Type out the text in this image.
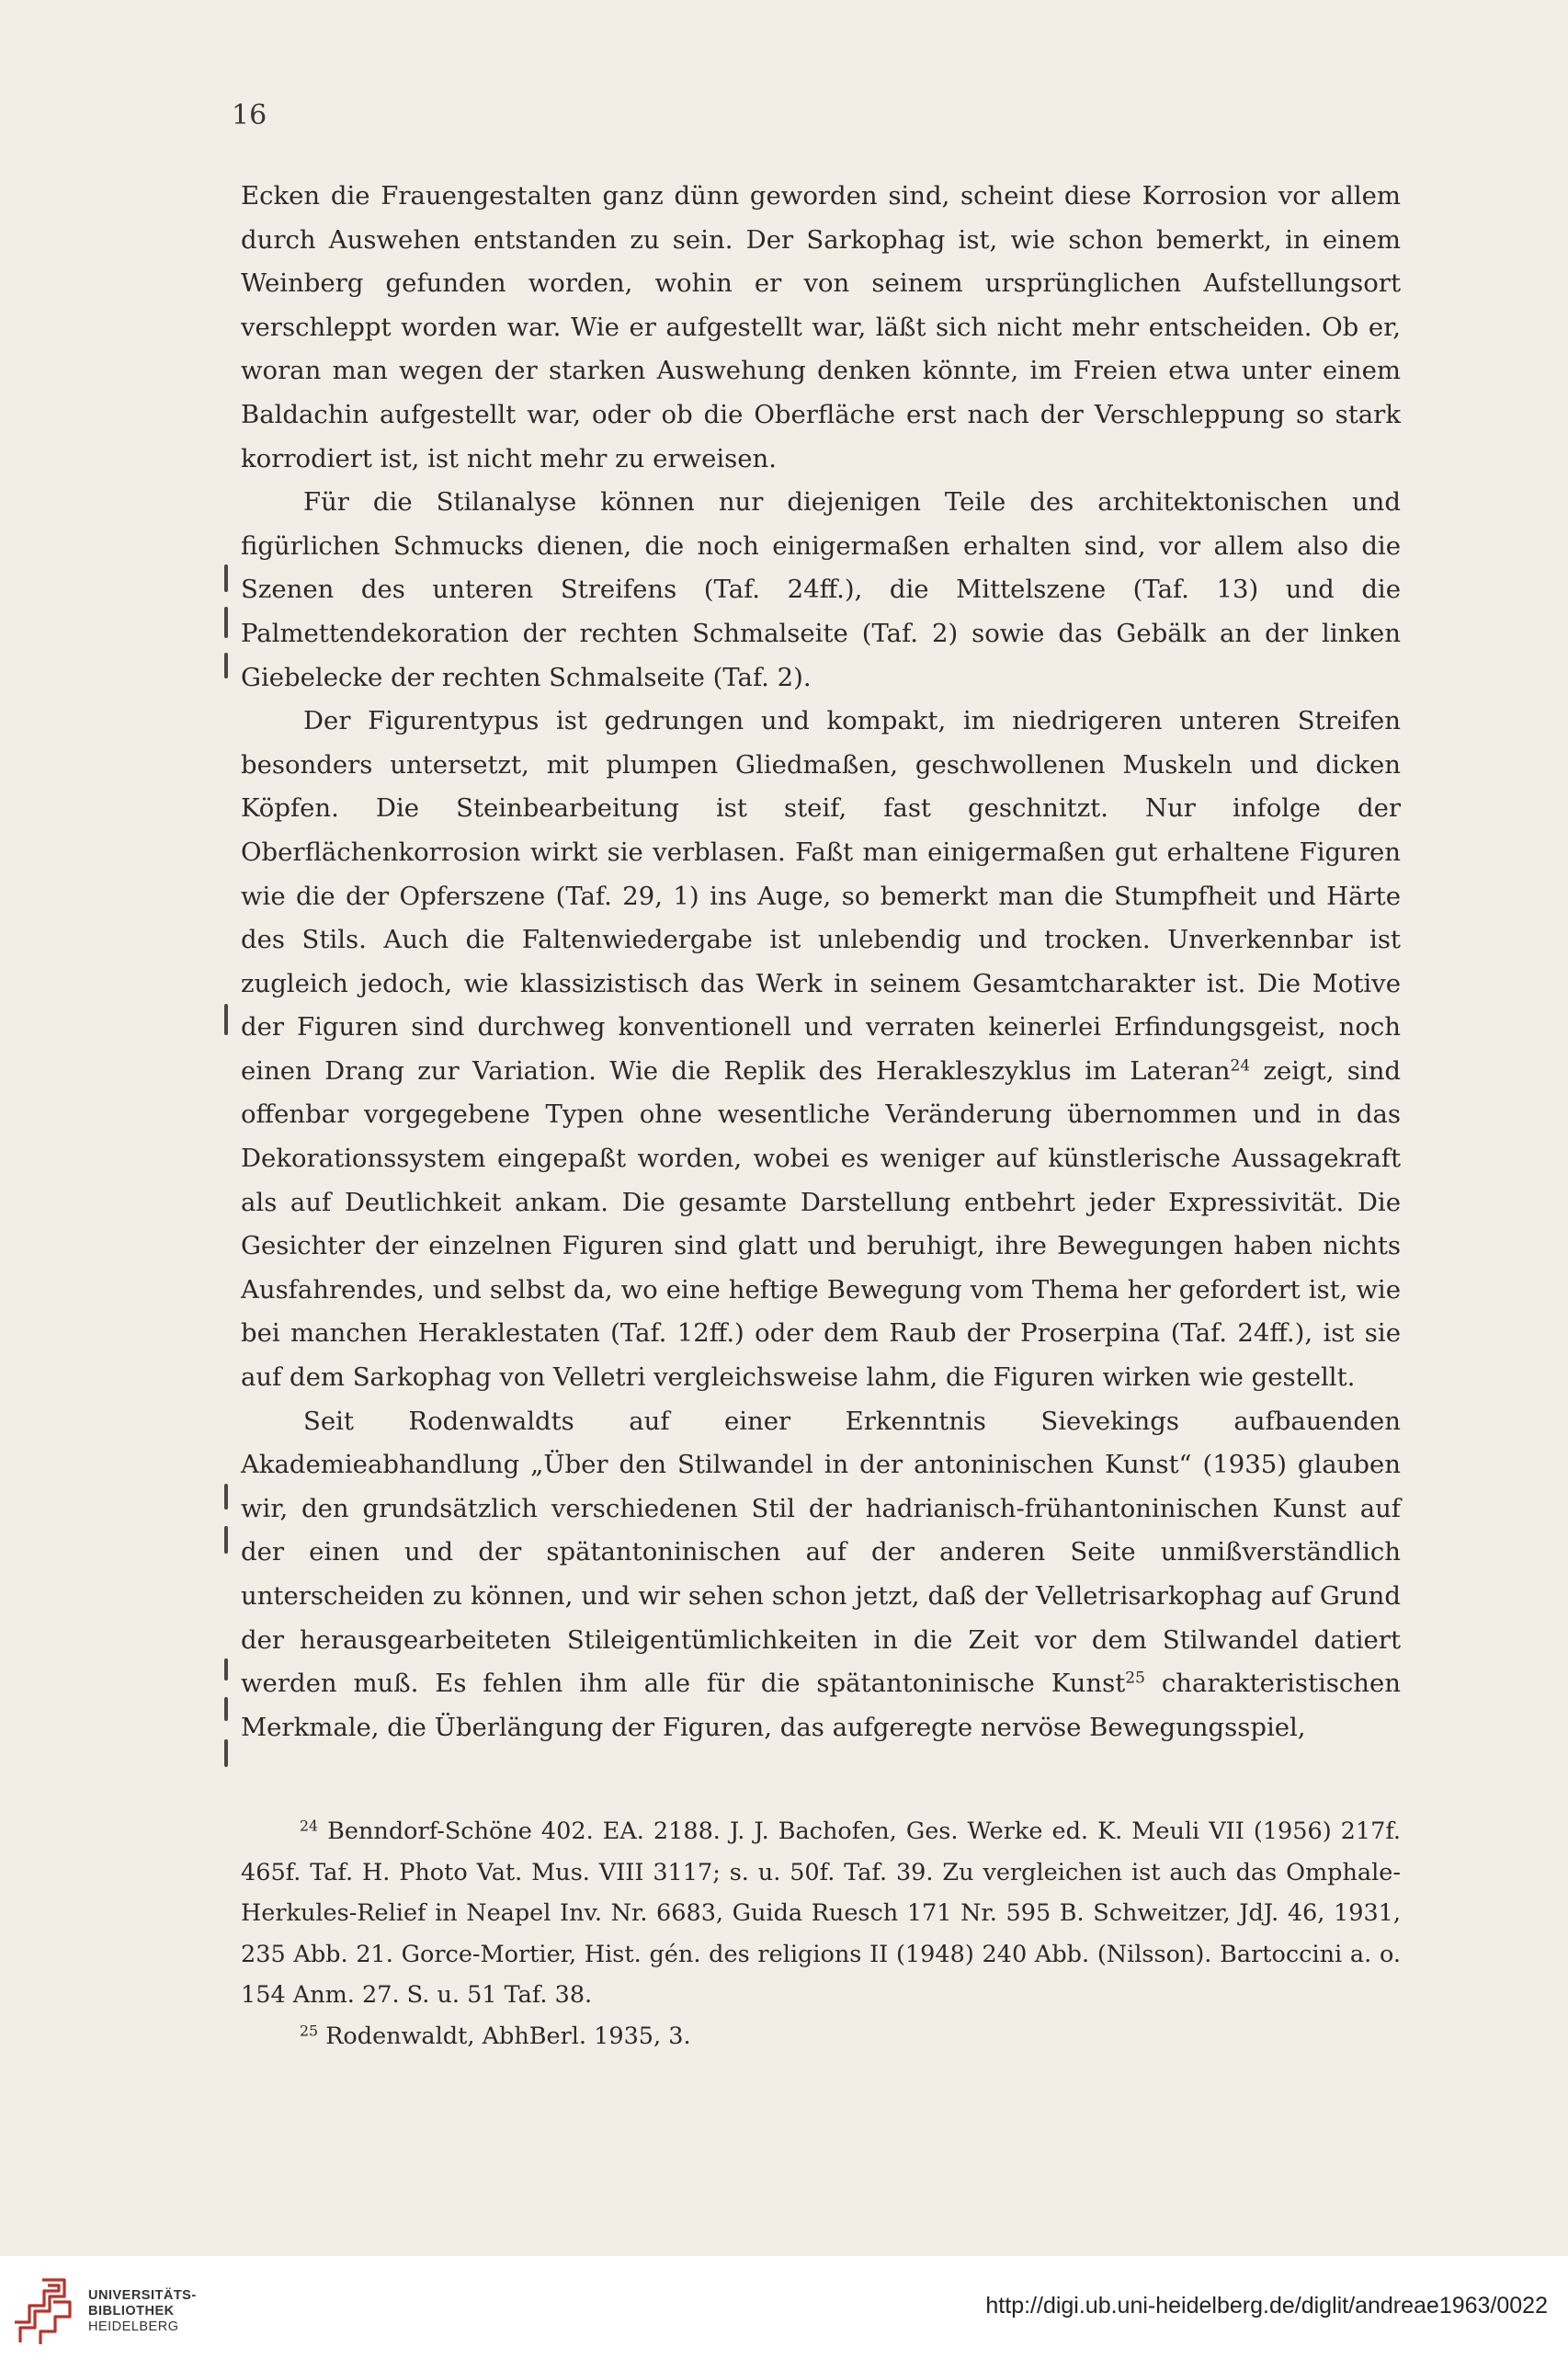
16

Ecken die Frauengestalten ganz dünn geworden sind, scheint diese Korrosion vor allem durch Auswehen entstanden zu sein. Der Sarkophag ist, wie schon bemerkt, in einem Weinberg gefunden worden, wohin er von seinem ursprünglichen Aufstellungsort verschleppt worden war. Wie er aufgestellt war, läßt sich nicht mehr entscheiden. Ob er, woran man wegen der starken Auswehung denken könnte, im Freien etwa unter einem Baldachin aufgestellt war, oder ob die Oberfläche erst nach der Verschleppung so stark korrodiert ist, ist nicht mehr zu erweisen.

Für die Stilanalyse können nur diejenigen Teile des architektonischen und figürlichen Schmucks dienen, die noch einigermaßen erhalten sind, vor allem also die Szenen des unteren Streifens (Taf. 24ff.), die Mittelszene (Taf. 13) und die Palmettendekoration der rechten Schmalseite (Taf. 2) sowie das Gebälk an der linken Giebelecke der rechten Schmalseite (Taf. 2).

Der Figurentypus ist gedrungen und kompakt, im niedrigeren unteren Streifen besonders untersetzt, mit plumpen Gliedmaßen, geschwollenen Muskeln und dicken Köpfen. Die Steinbearbeitung ist steif, fast geschnitzt. Nur infolge der Oberflächenkorrosion wirkt sie verblasen. Faßt man einigermaßen gut erhaltene Figuren wie die der Opferszene (Taf. 29, 1) ins Auge, so bemerkt man die Stumpfheit und Härte des Stils. Auch die Faltenwiedergabe ist unlebendig und trocken. Unverkennbar ist zugleich jedoch, wie klassizistisch das Werk in seinem Gesamtcharakter ist. Die Motive der Figuren sind durchweg konventionell und verraten keinerlei Erfindungsgeist, noch einen Drang zur Variation. Wie die Replik des Herakleszyklus im Lateran$^{24}$ zeigt, sind offenbar vorgegebene Typen ohne wesentliche Veränderung übernommen und in das Dekorationssystem eingepaßt worden, wobei es weniger auf künstlerische Aussagekraft als auf Deutlichkeit ankam. Die gesamte Darstellung entbehrt jeder Expressivität. Die Gesichter der einzelnen Figuren sind glatt und beruhigt, ihre Bewegungen haben nichts Ausfahrendes, und selbst da, wo eine heftige Bewegung vom Thema her gefordert ist, wie bei manchen Heraklestaten (Taf. 12ff.) oder dem Raub der Proserpina (Taf. 24ff.), ist sie auf dem Sarkophag von Velletri vergleichsweise lahm, die Figuren wirken wie gestellt.

Seit Rodenwaldts auf einer Erkenntnis Sievekings aufbauenden Akademieabhandlung „Über den Stilwandel in der antoninischen Kunst“ (1935) glauben wir, den grundsätzlich verschiedenen Stil der hadrianisch-frühantoninischen Kunst auf der einen und der spätantoninischen auf der anderen Seite unmißverständlich unterscheiden zu können, und wir sehen schon jetzt, daß der Velletrisarkophag auf Grund der herausgearbeiteten Stileigentümlichkeiten in die Zeit vor dem Stilwandel datiert werden muß. Es fehlen ihm alle für die spätantoninische Kunst$^{25}$ charakteristischen Merkmale, die Überlängung der Figuren, das aufgeregte nervöse Bewegungsspiel,

$^{24}$ Benndorf-Schöne 402. EA. 2188. J. J. Bachofen, Ges. Werke ed. K. Meuli VII (1956) 217f. 465f. Taf. H. Photo Vat. Mus. VIII 3117; s. u. 50f. Taf. 39. Zu vergleichen ist auch das Omphale-Herkules-Relief in Neapel Inv. Nr. 6683, Guida Ruesch 171 Nr. 595 B. Schweitzer, JdJ. 46, 1931, 235 Abb. 21. Gorce-Mortier, Hist. gén. des religions II (1948) 240 Abb. (Nilsson). Bartoccini a. o. 154 Anm. 27. S. u. 51 Taf. 38.

$^{25}$ Rodenwaldt, AbhBerl. 1935, 3.

UNIVERSITÄTS-
BIBLIOTHEK
HEIDELBERG
http://digi.ub.uni-heidelberg.de/diglit/andreae1963/0022
